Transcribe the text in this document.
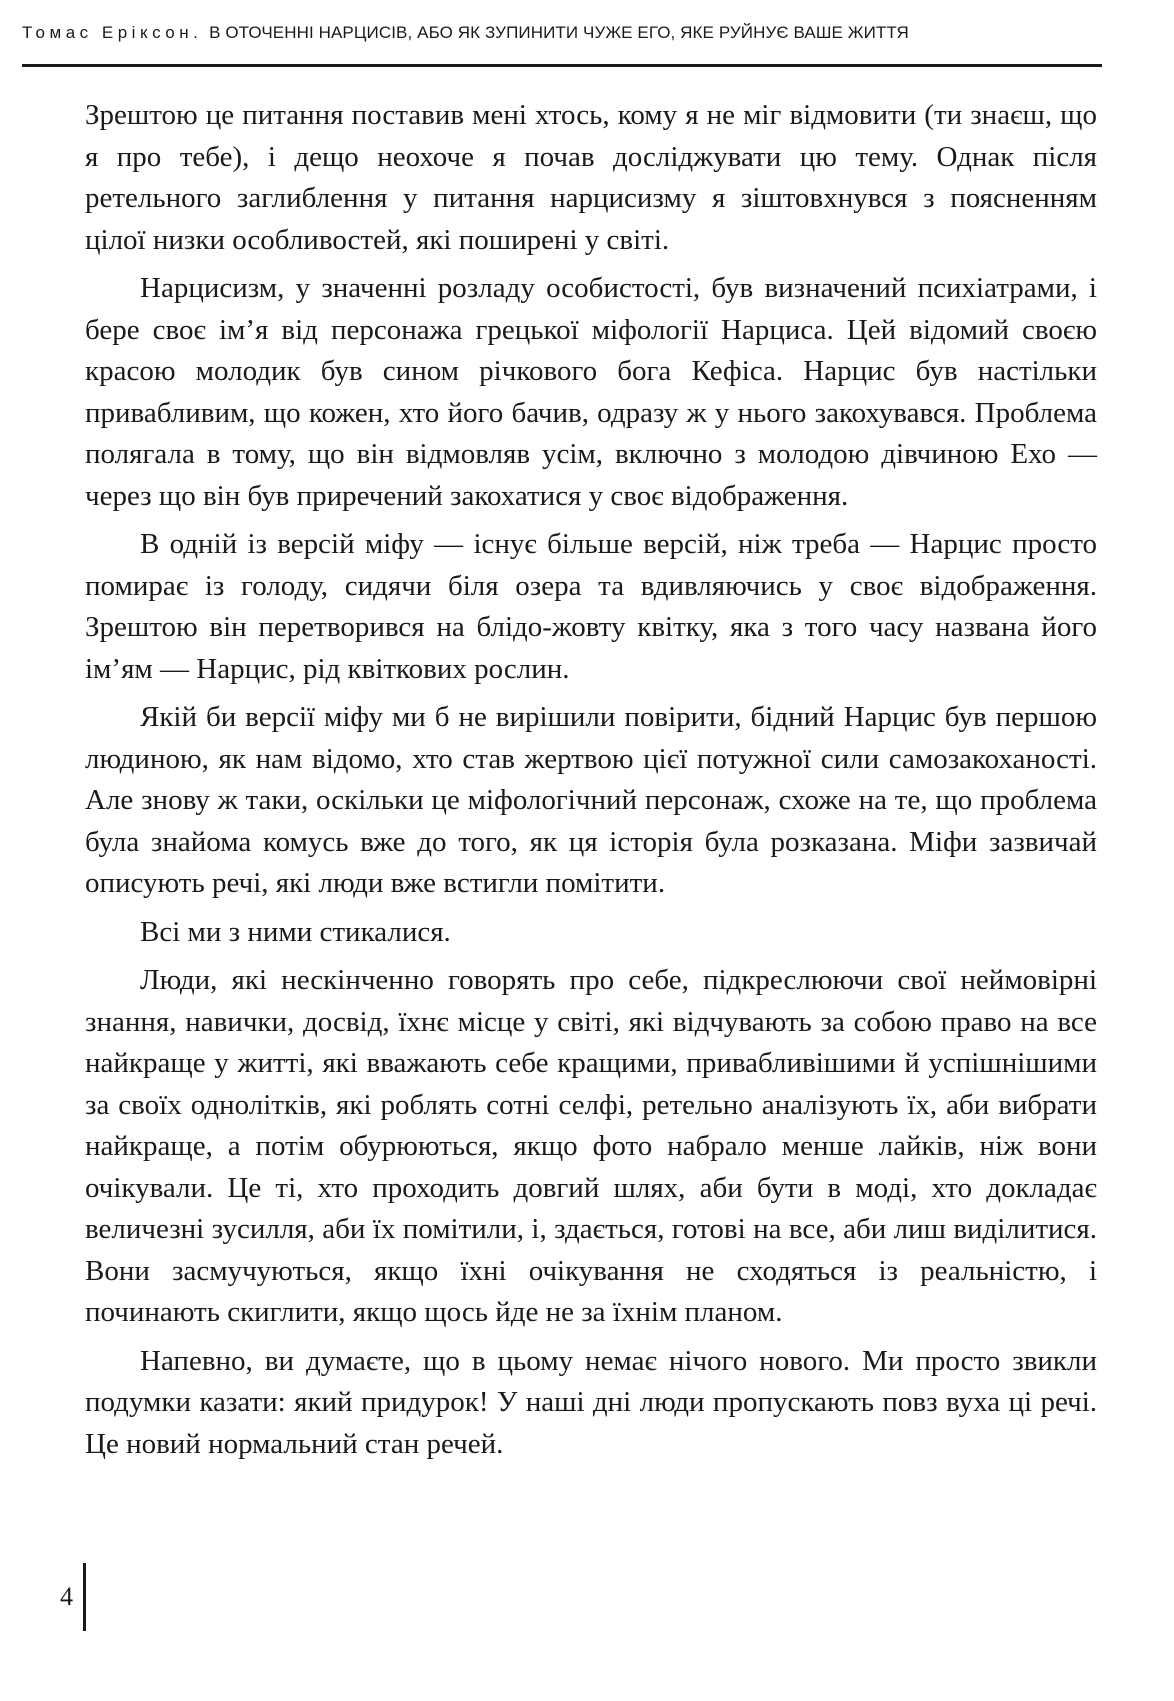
Томас Еріксон. В ОТОЧЕННІ НАРЦИСІВ, АБО ЯК ЗУПИНИТИ ЧУЖЕ ЕГО, ЯКЕ РУЙНУЄ ВАШЕ ЖИТТЯ

Зрештою це питання поставив мені хтось, кому я не міг відмовити (ти знаєш, що я про тебе), і дещо неохоче я почав досліджувати цю тему. Однак після ретельного заглиблення у питання нарцисизму я зіштовхнувся з поясненням цілої низки особливостей, які поширені у світі.

Нарцисизм, у значенні розладу особистості, був визначений психіатрами, і бере своє ім’я від персонажа грецької міфології Нарциса. Цей відомий своєю красою молодик був сином річкового бога Кефіса. Нарцис був настільки привабливим, що кожен, хто його бачив, одразу ж у нього закохувався. Проблема полягала в тому, що він відмовляв усім, включно з молодою дівчиною Ехо — через що він був приречений закохатися у своє відображення.

В одній із версій міфу — існує більше версій, ніж треба — Нарцис просто помирає із голоду, сидячи біля озера та вдивляючись у своє відображення. Зрештою він перетворився на блідо-жовту квітку, яка з того часу названа його ім’ям — Нарцис, рід квіткових рослин.

Якій би версії міфу ми б не вирішили повірити, бідний Нарцис був першою людиною, як нам відомо, хто став жертвою цієї потужної сили самозакоханості. Але знову ж таки, оскільки це міфологічний персонаж, схоже на те, що проблема була знайома комусь вже до того, як ця історія була розказана. Міфи зазвичай описують речі, які люди вже встигли помітити.

Всі ми з ними стикалися.

Люди, які нескінченно говорять про себе, підкреслюючи свої неймовірні знання, навички, досвід, їхнє місце у світі, які відчувають за собою право на все найкраще у житті, які вважають себе кращими, привабливішими й успішнішими за своїх однолітків, які роблять сотні селфі, ретельно аналізують їх, аби вибрати найкраще, а потім обурюються, якщо фото набрало менше лайків, ніж вони очікували. Це ті, хто проходить довгий шлях, аби бути в моді, хто докладає величезні зусилля, аби їх помітили, і, здається, готові на все, аби лиш виділитися. Вони засмучуються, якщо їхні очікування не сходяться із реальністю, і починають скиглити, якщо щось йде не за їхнім планом.

Напевно, ви думаєте, що в цьому немає нічого нового. Ми просто звикли подумки казати: який придурок! У наші дні люди пропускають повз вуха ці речі. Це новий нормальний стан речей.

4
